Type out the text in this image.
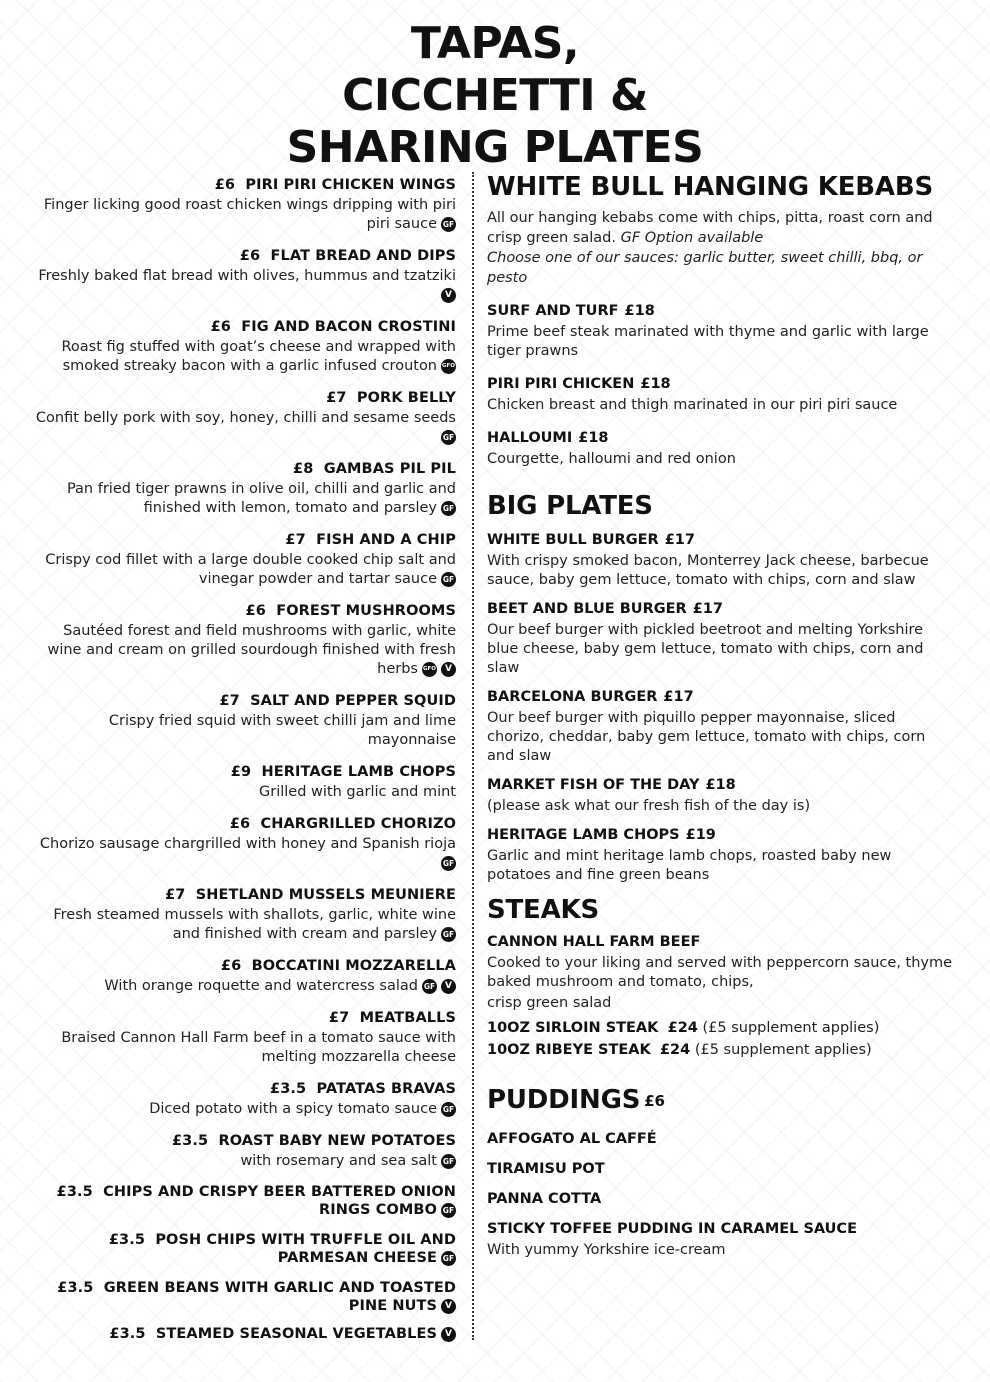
TAPAS,
CICCHETTI &
SHARING PLATES
£6 PIRI PIRI CHICKEN WINGS
Finger licking good roast chicken wings dripping with piri piri sauce GF
£6 FLAT BREAD AND DIPS
Freshly baked flat bread with olives, hummus and tzatzikiV
£6 FIG AND BACON CROSTINI
Roast fig stuffed with goat’s cheese and wrapped with smoked streaky bacon with a garlic infused crouton GFO
£7 PORK BELLY
Confit belly pork with soy, honey, chilli and sesame seedsGF
£8 GAMBAS PIL PIL
Pan fried tiger prawns in olive oil, chilli and garlic and finished with lemon, tomato and parsley GF
£7 FISH AND A CHIP
Crispy cod fillet with a large double cooked chip salt and vinegar powder and tartar sauce GF
£6 FOREST MUSHROOMS
Sautéed forest and field mushrooms with garlic, white wine and cream on grilled sourdough finished with fresh herbs GFO V
£7 SALT AND PEPPER SQUID
Crispy fried squid with sweet chilli jam and lime mayonnaise
£9 HERITAGE LAMB CHOPS
Grilled with garlic and mint
£6 CHARGRILLED CHORIZO
Chorizo sausage chargrilled with honey and Spanish riojaGF
£7 SHETLAND MUSSELS MEUNIERE
Fresh steamed mussels with shallots, garlic, white wine and finished with cream and parsley GF
£6 BOCCATINI MOZZARELLA
With orange roquette and watercress salad GF V
£7 MEATBALLS
Braised Cannon Hall Farm beef in a tomato sauce with melting mozzarella cheese
£3.5 PATATAS BRAVAS
Diced potato with a spicy tomato sauce GF
£3.5 ROAST BABY NEW POTATOES
with rosemary and sea salt GF
£3.5 CHIPS AND CRISPY BEER BATTERED ONION RINGS COMBO GF
£3.5 POSH CHIPS WITH TRUFFLE OIL AND PARMESAN CHEESE GF
£3.5 GREEN BEANS WITH GARLIC AND TOASTED PINE NUTS V
£3.5 STEAMED SEASONAL VEGETABLES V
WHITE BULL HANGING KEBABS
All our hanging kebabs come with chips, pitta, roast corn and crisp green salad. GF Option available
Choose one of our sauces: garlic butter, sweet chilli, bbq, or pesto
SURF AND TURF £18
Prime beef steak marinated with thyme and garlic with large tiger prawns
PIRI PIRI CHICKEN £18
Chicken breast and thigh marinated in our piri piri sauce
HALLOUMI £18
Courgette, halloumi and red onion
BIG PLATES
WHITE BULL BURGER £17
With crispy smoked bacon, Monterrey Jack cheese, barbecue sauce, baby gem lettuce, tomato with chips, corn and slaw
BEET AND BLUE BURGER £17
Our beef burger with pickled beetroot and melting Yorkshire blue cheese, baby gem lettuce, tomato with chips, corn and slaw
BARCELONA BURGER £17
Our beef burger with piquillo pepper mayonnaise, sliced chorizo, cheddar, baby gem lettuce, tomato with chips, corn and slaw
MARKET FISH OF THE DAY £18
(please ask what our fresh fish of the day is)
HERITAGE LAMB CHOPS £19
Garlic and mint heritage lamb chops, roasted baby new potatoes and fine green beans
STEAKS
CANNON HALL FARM BEEF
Cooked to your liking and served with peppercorn sauce, thyme baked mushroom and tomato, chips,
crisp green salad
10OZ SIRLOIN STEAK £24 (£5 supplement applies)
10OZ RIBEYE STEAK £24 (£5 supplement applies)
PUDDINGS £6
AFFOGATO AL CAFFÉ
TIRAMISU POT
PANNA COTTA
STICKY TOFFEE PUDDING IN CARAMEL SAUCE
With yummy Yorkshire ice-cream
